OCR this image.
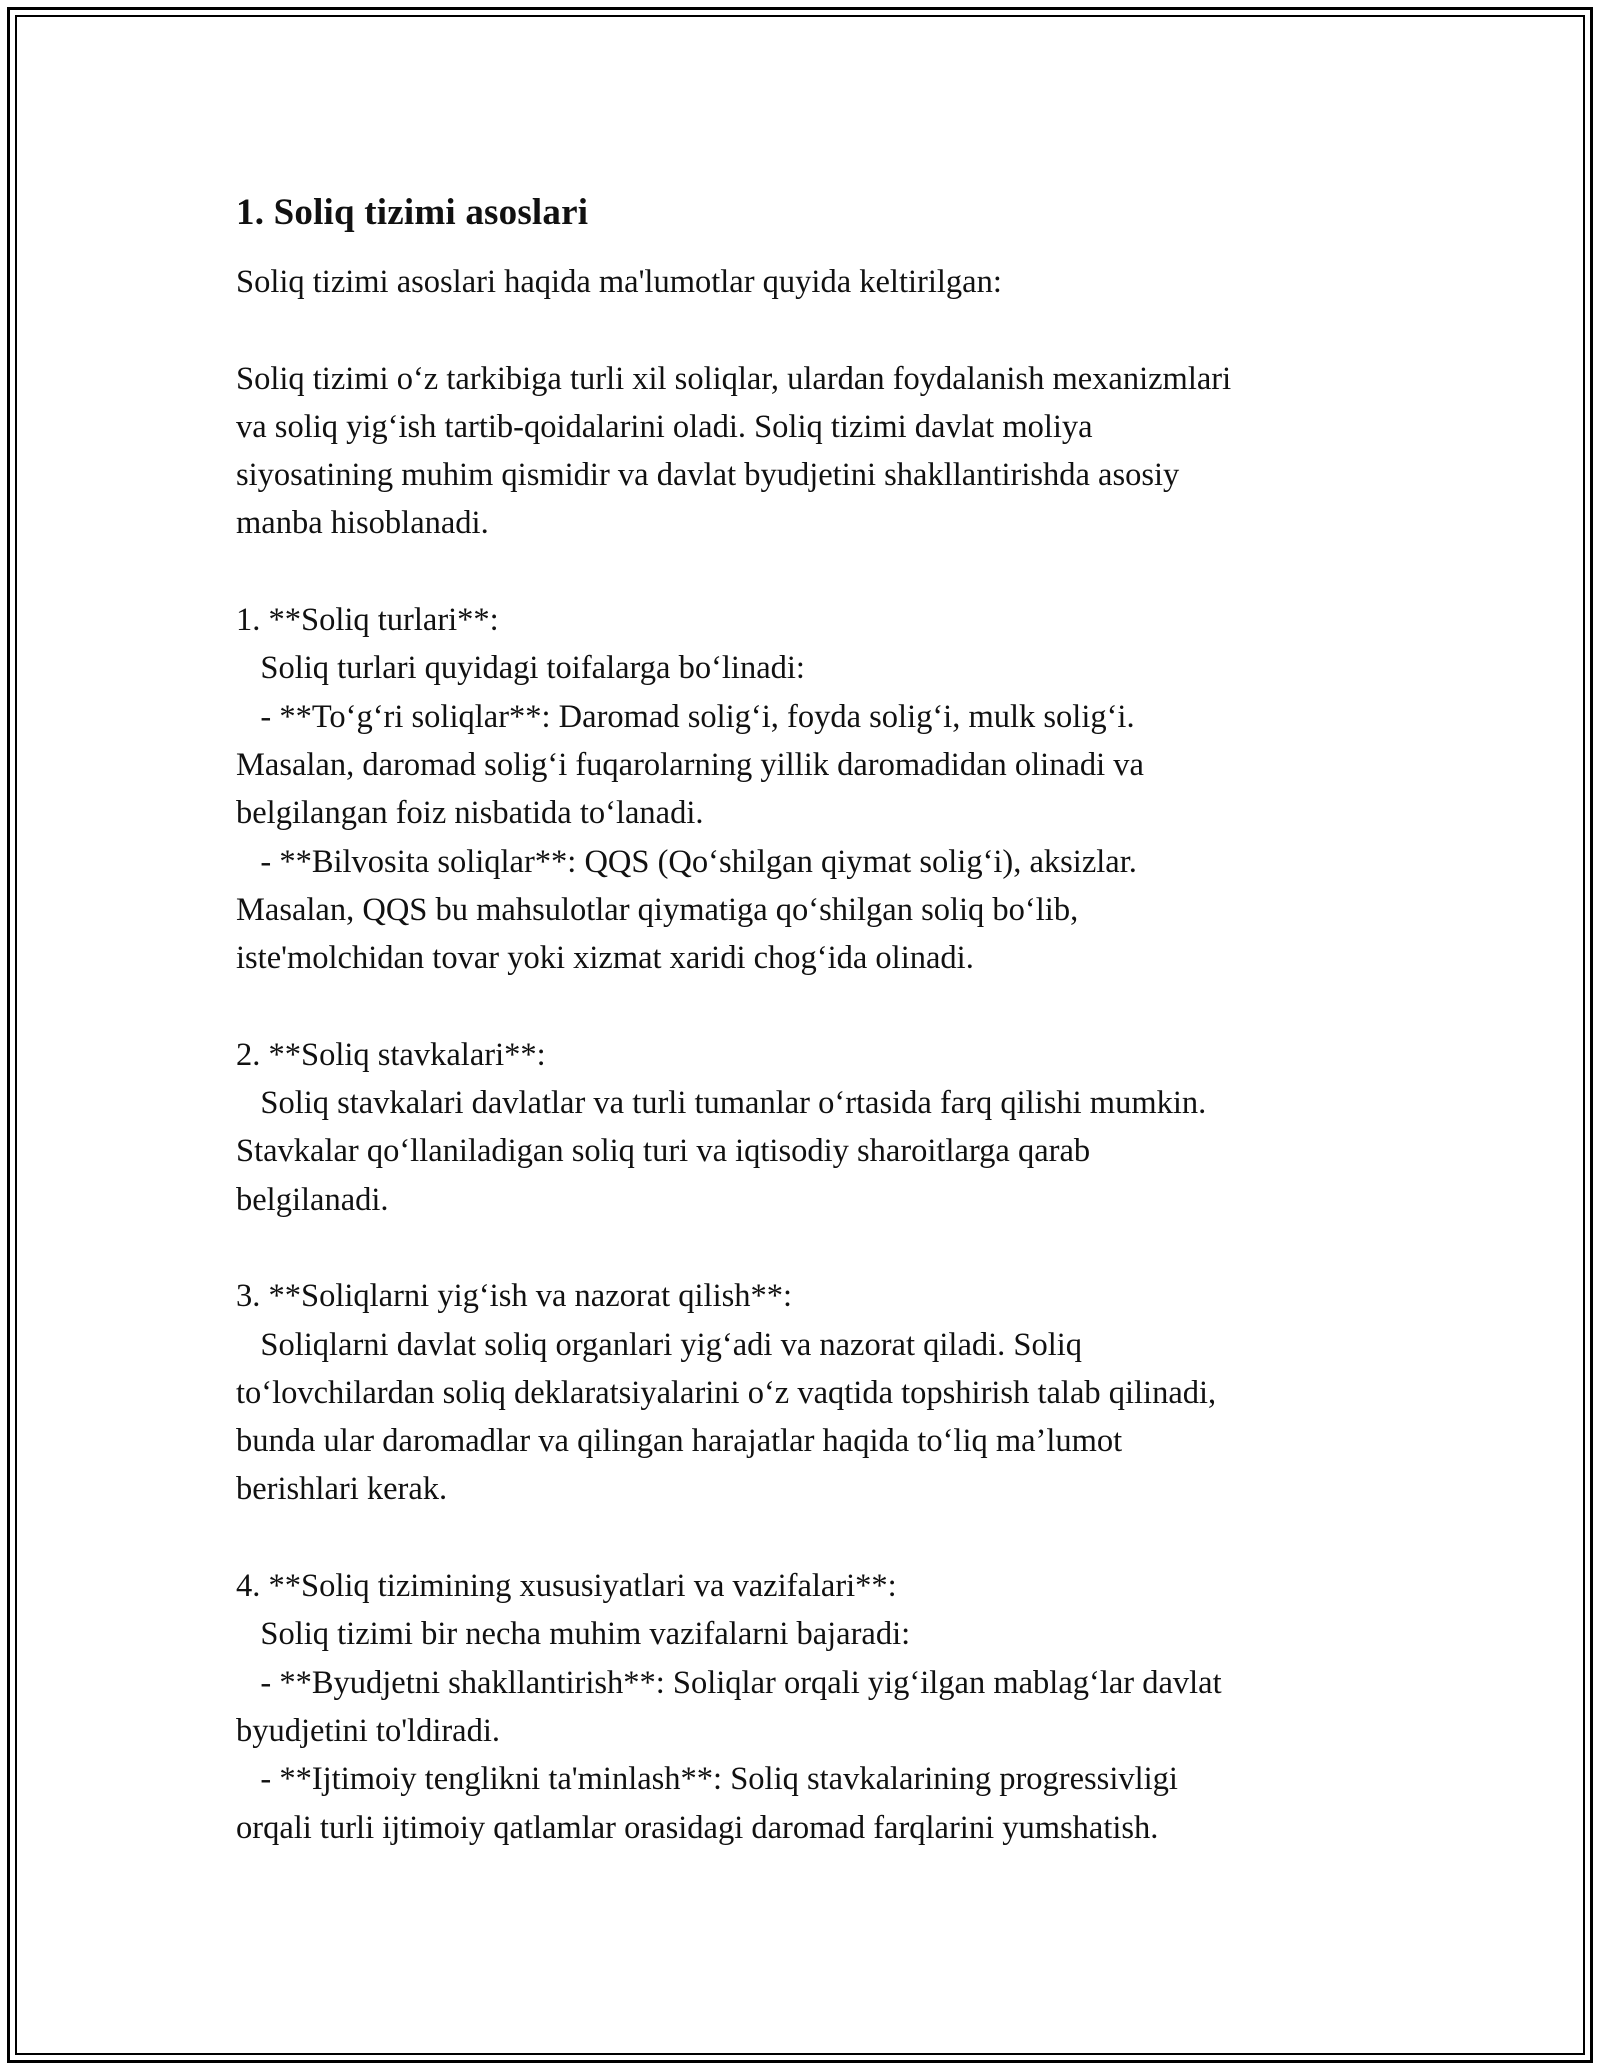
1. Soliq tizimi asoslari

Soliq tizimi asoslari haqida ma'lumotlar quyida keltirilgan:

Soliq tizimi o‘z tarkibiga turli xil soliqlar, ulardan foydalanish mexanizmlari

va soliq yig‘ish tartib-qoidalarini oladi. Soliq tizimi davlat moliya

siyosatining muhim qismidir va davlat byudjetini shakllantirishda asosiy

manba hisoblanadi.

1. **Soliq turlari**:

Soliq turlari quyidagi toifalarga bo‘linadi:

- **To‘g‘ri soliqlar**: Daromad solig‘i, foyda solig‘i, mulk solig‘i.

Masalan, daromad solig‘i fuqarolarning yillik daromadidan olinadi va

belgilangan foiz nisbatida to‘lanadi.

- **Bilvosita soliqlar**: QQS (Qo‘shilgan qiymat solig‘i), aksizlar.

Masalan, QQS bu mahsulotlar qiymatiga qo‘shilgan soliq bo‘lib,

iste'molchidan tovar yoki xizmat xaridi chog‘ida olinadi.

2. **Soliq stavkalari**:

Soliq stavkalari davlatlar va turli tumanlar o‘rtasida farq qilishi mumkin.

Stavkalar qo‘llaniladigan soliq turi va iqtisodiy sharoitlarga qarab

belgilanadi.

3. **Soliqlarni yig‘ish va nazorat qilish**:

Soliqlarni davlat soliq organlari yig‘adi va nazorat qiladi. Soliq

to‘lovchilardan soliq deklaratsiyalarini o‘z vaqtida topshirish talab qilinadi,

bunda ular daromadlar va qilingan harajatlar haqida to‘liq ma’lumot

berishlari kerak.

4. **Soliq tizimining xususiyatlari va vazifalari**:

Soliq tizimi bir necha muhim vazifalarni bajaradi:

- **Byudjetni shakllantirish**: Soliqlar orqali yig‘ilgan mablag‘lar davlat

byudjetini to'ldiradi.

- **Ijtimoiy tenglikni ta'minlash**: Soliq stavkalarining progressivligi

orqali turli ijtimoiy qatlamlar orasidagi daromad farqlarini yumshatish.
